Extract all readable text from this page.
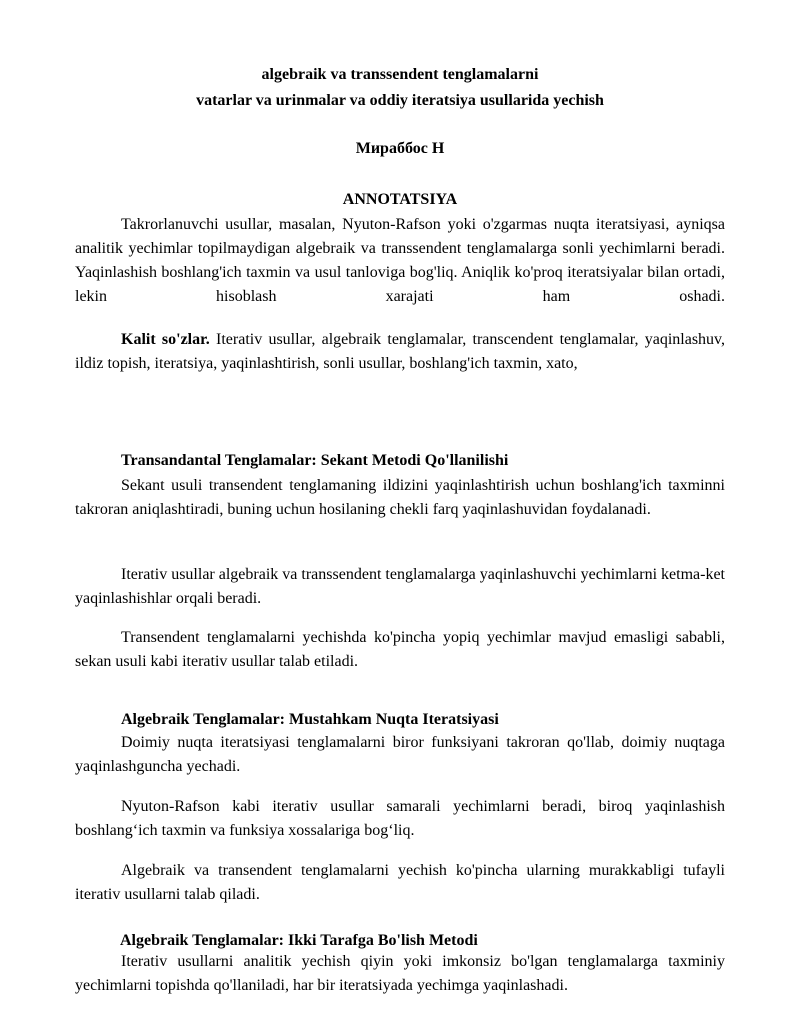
algebraik va transsendent tenglamalarni
vatarlar va urinmalar va oddiy iteratsiya usullarida yechish
Мираббос Н
ANNOTATSIYA
Takrorlanuvchi usullar, masalan, Nyuton-Rafson yoki o'zgarmas nuqta iteratsiyasi, ayniqsa analitik yechimlar topilmaydigan algebraik va transsendent tenglamalarga sonli yechimlarni beradi. Yaqinlashish boshlang'ich taxmin va usul tanloviga bog'liq. Aniqlik ko'proq iteratsiyalar bilan ortadi, lekin hisoblash xarajati ham oshadi.
Kalit so'zlar. Iterativ usullar, algebraik tenglamalar, transcendent tenglamalar, yaqinlashuv, ildiz topish, iteratsiya, yaqinlashtirish, sonli usullar, boshlang'ich taxmin, xato,
Transandantal Tenglamalar: Sekant Metodi Qo'llanilishi
Sekant usuli transendent tenglamaning ildizini yaqinlashtirish uchun boshlang'ich taxminni takroran aniqlashtiradi, buning uchun hosilaning chekli farq yaqinlashuvidan foydalanadi.
Iterativ usullar algebraik va transsendent tenglamalarga yaqinlashuvchi yechimlarni ketma-ket yaqinlashishlar orqali beradi.
Transendent tenglamalarni yechishda ko'pincha yopiq yechimlar mavjud emasligi sababli, sekan usuli kabi iterativ usullar talab etiladi.
Algebraik Tenglamalar: Mustahkam Nuqta Iteratsiyasi
Doimiy nuqta iteratsiyasi tenglamalarni biror funksiyani takroran qo'llab, doimiy nuqtaga yaqinlashguncha yechadi.
Nyuton-Rafson kabi iterativ usullar samarali yechimlarni beradi, biroq yaqinlashish boshlang‘ich taxmin va funksiya xossalariga bog‘liq.
Algebraik va transendent tenglamalarni yechish ko'pincha ularning murakkabligi tufayli iterativ usullarni talab qiladi.
Algebraik Tenglamalar: Ikki Tarafga Bo'lish Metodi
Iterativ usullarni analitik yechish qiyin yoki imkonsiz bo'lgan tenglamalarga taxminiy yechimlarni topishda qo'llaniladi, har bir iteratsiyada yechimga yaqinlashadi.
